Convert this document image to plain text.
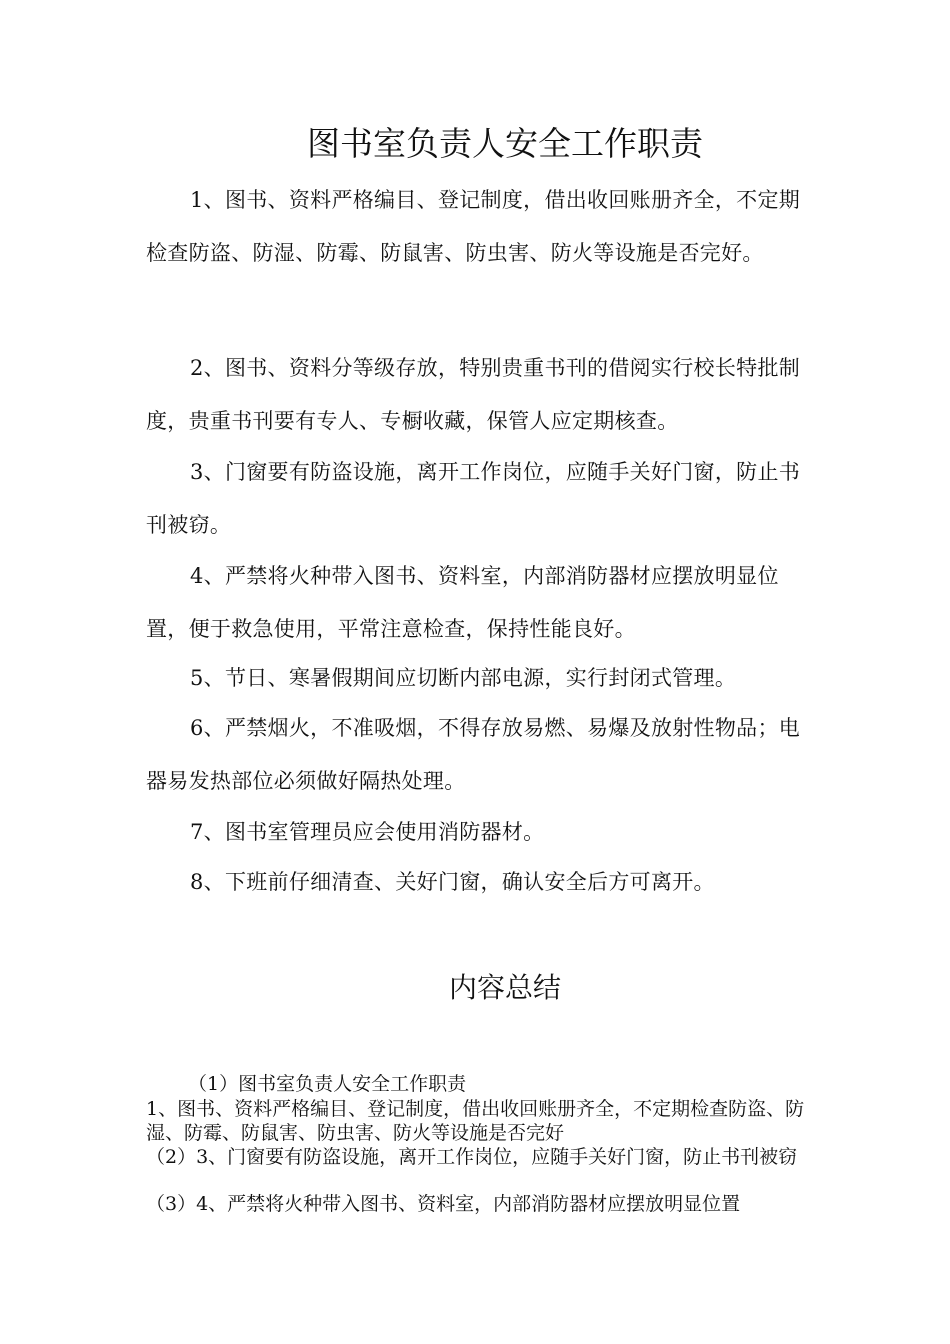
图书室负责人安全工作职责

1、图书、资料严格编目、登记制度，借出收回账册齐全，不定期检查防盗、防湿、防霉、防鼠害、防虫害、防火等设施是否完好。

2、图书、资料分等级存放，特别贵重书刊的借阅实行校长特批制度，贵重书刊要有专人、专橱收藏，保管人应定期核查。

3、门窗要有防盗设施，离开工作岗位，应随手关好门窗，防止书刊被窃。

4、严禁将火种带入图书、资料室，内部消防器材应摆放明显位置，便于救急使用，平常注意检查，保持性能良好。

5、节日、寒暑假期间应切断内部电源，实行封闭式管理。

6、严禁烟火，不准吸烟，不得存放易燃、易爆及放射性物品；电器易发热部位必须做好隔热处理。

7、图书室管理员应会使用消防器材。

8、下班前仔细清查、关好门窗，确认安全后方可离开。

内容总结

（1）图书室负责人安全工作职责

1、图书、资料严格编目、登记制度，借出收回账册齐全，不定期检查防盗、防湿、防霉、防鼠害、防虫害、防火等设施是否完好

（2）3、门窗要有防盗设施，离开工作岗位，应随手关好门窗，防止书刊被窃

（3）4、严禁将火种带入图书、资料室，内部消防器材应摆放明显位置
